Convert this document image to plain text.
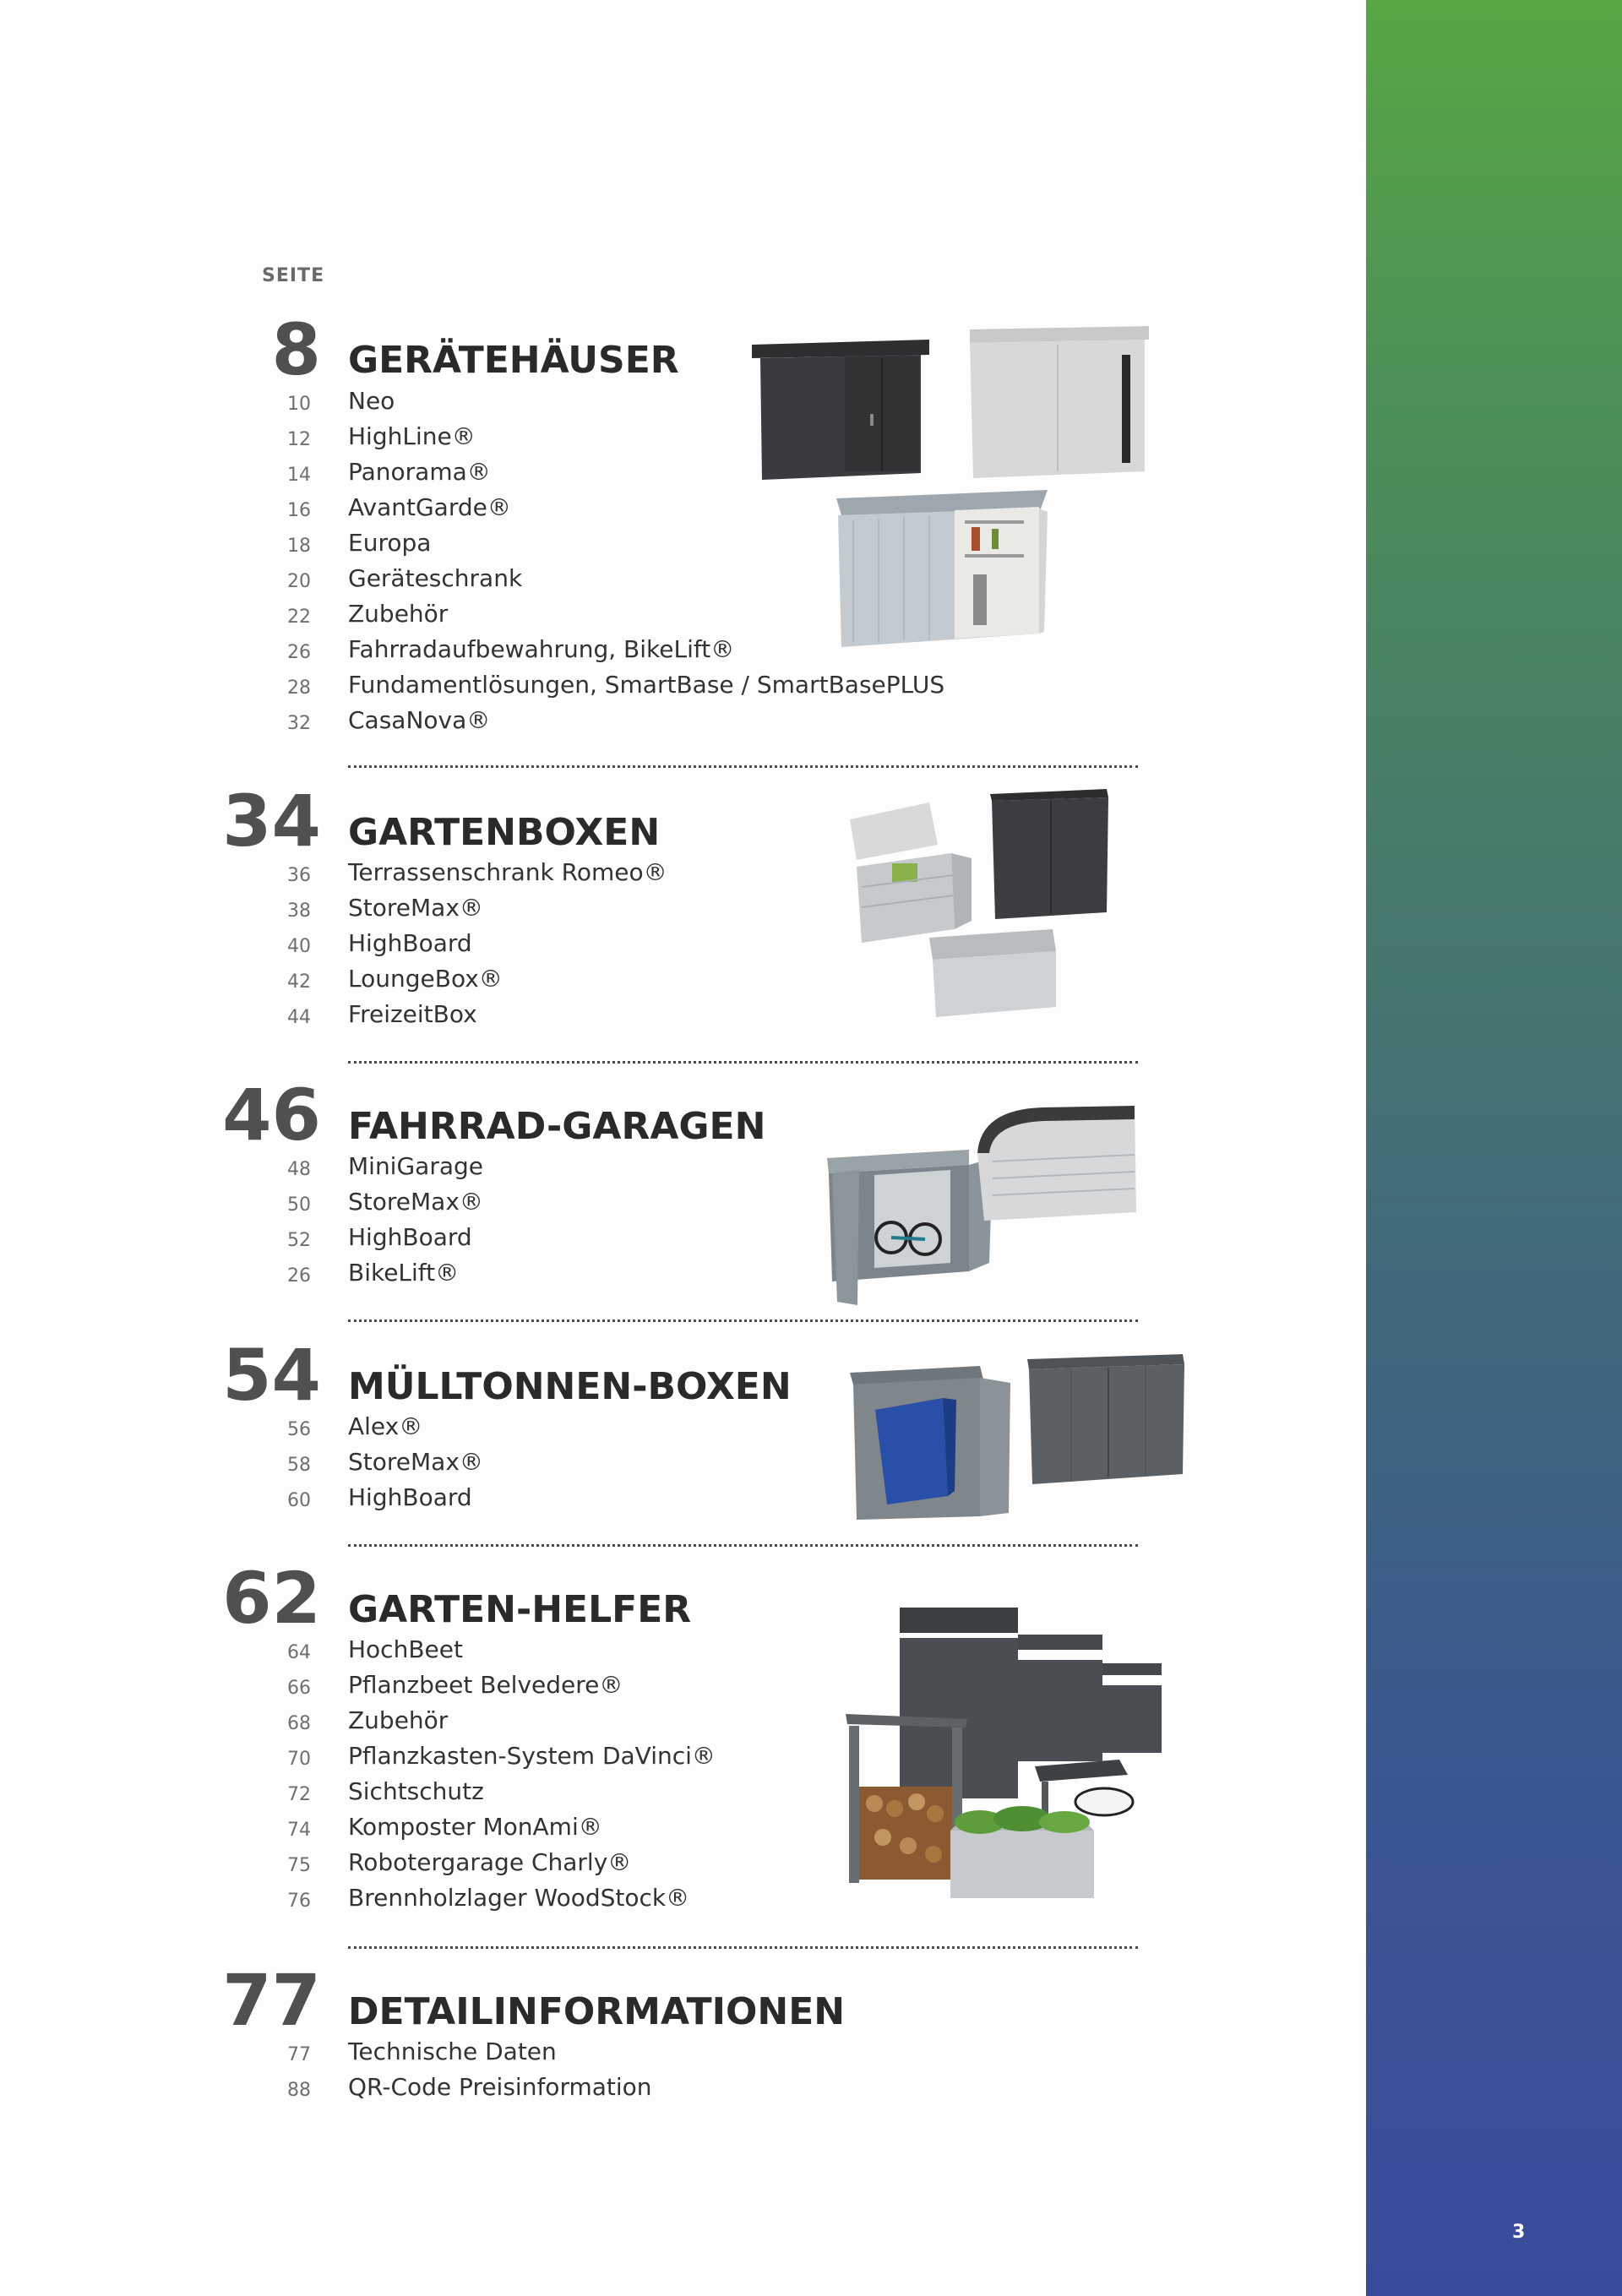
3
SEITE
8 GERÄTEHÄUSER
10 Neo
12 HighLine®
14 Panorama®
16 AvantGarde®
18 Europa
20 Geräteschrank
22 Zubehör
26 Fahrradaufbewahrung, BikeLift®
28 Fundamentlösungen, SmartBase / SmartBasePLUS
32 CasaNova®
34 GARTENBOXEN
36 Terrassenschrank Romeo®
38 StoreMax®
40 HighBoard
42 LoungeBox®
44 FreizeitBox
46 FAHRRAD-GARAGEN
48 MiniGarage
50 StoreMax®
52 HighBoard
26 BikeLift®
54 MÜLLTONNEN-BOXEN
56 Alex®
58 StoreMax®
60 HighBoard
62 GARTEN-HELFER
64 HochBeet
66 Pflanzbeet Belvedere®
68 Zubehör
70 Pflanzkasten-System DaVinci®
72 Sichtschutz
74 Komposter MonAmi®
75 Robotergarage Charly®
76 Brennholzlager WoodStock®
77 DETAILINFORMATIONEN
77 Technische Daten
88 QR-Code Preisinformation
